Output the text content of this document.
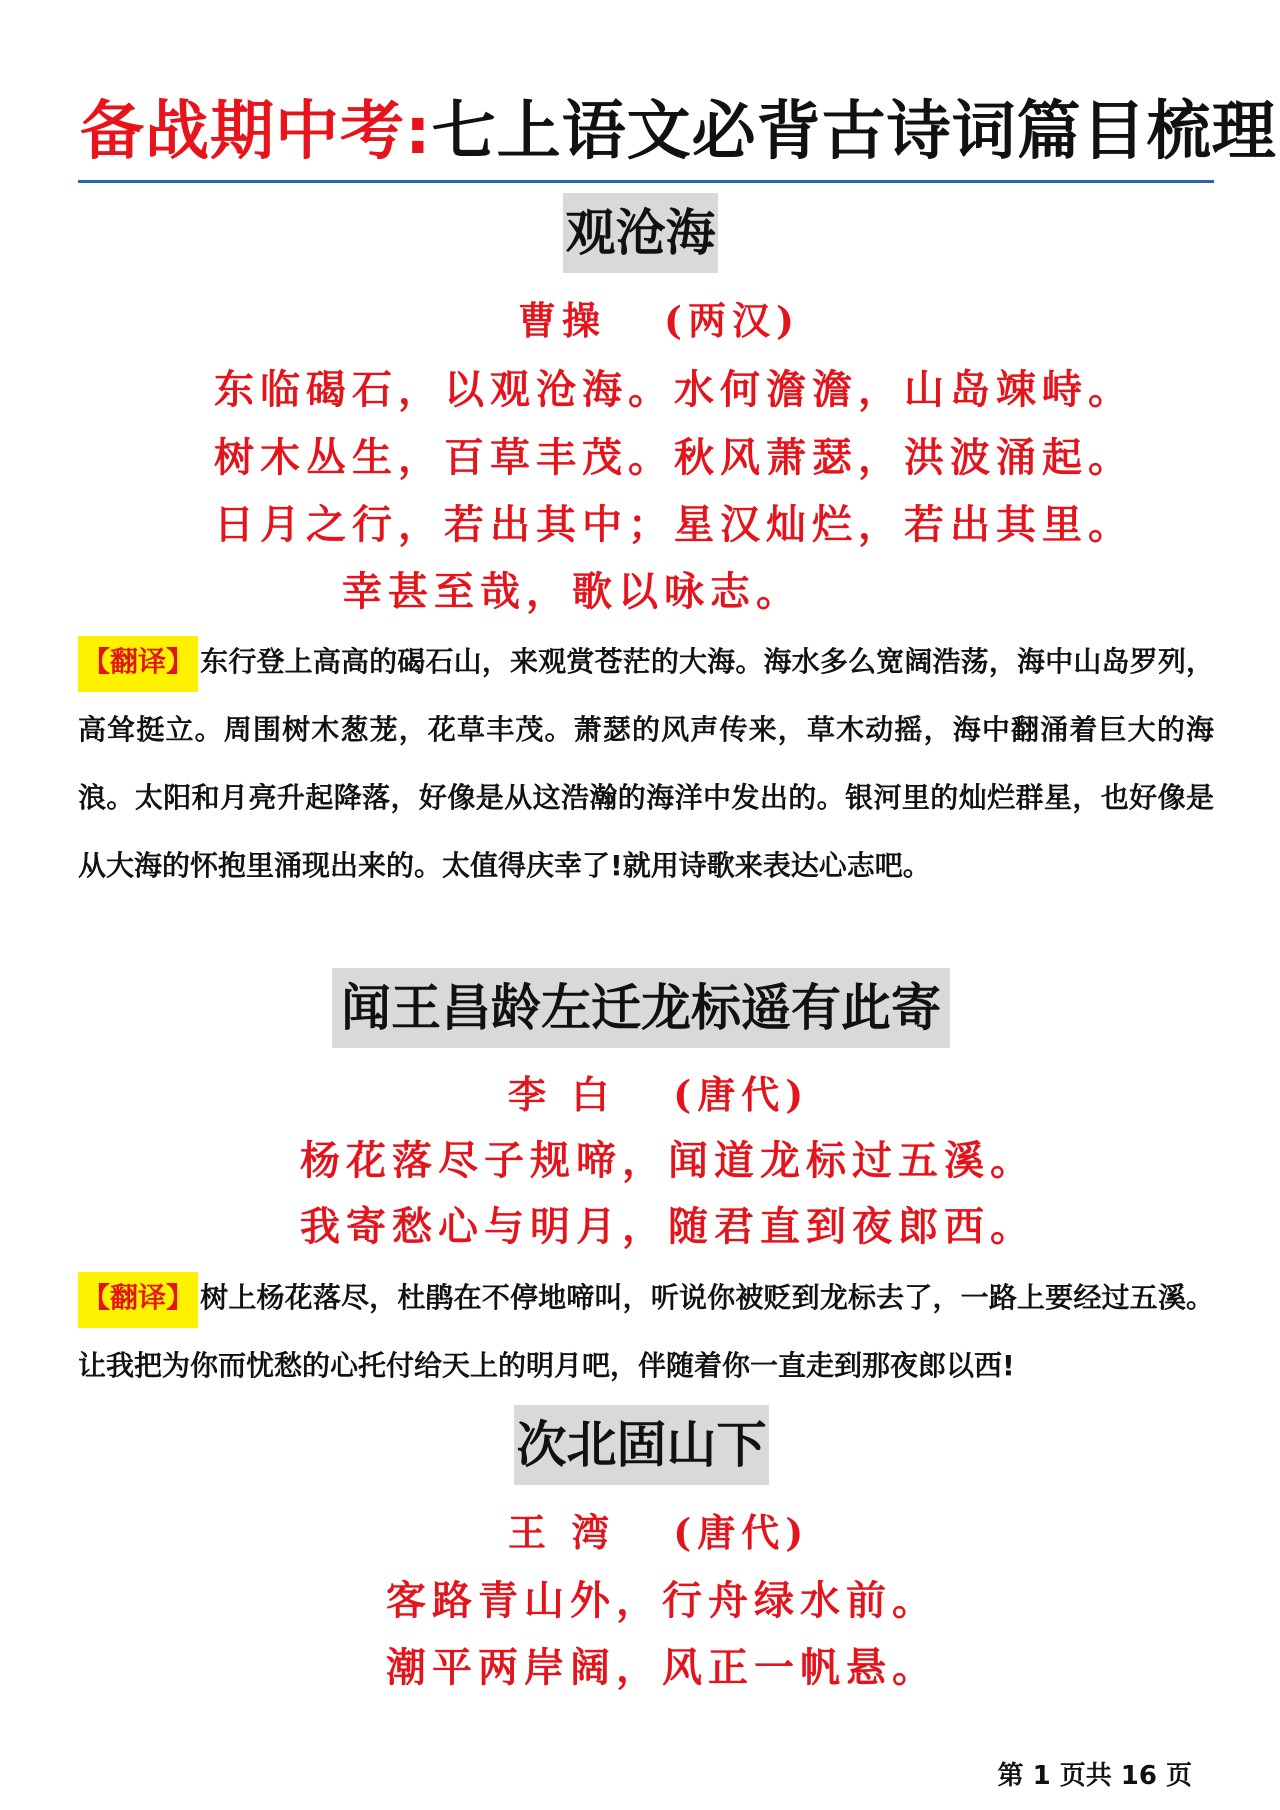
备战期中考:七上语文必背古诗词篇目梳理
观沧海
曹操 (两汉)
东临碣石，以观沧海。水何澹澹，山岛竦峙。
树木丛生，百草丰茂。秋风萧瑟，洪波涌起。
日月之行，若出其中；星汉灿烂，若出其里。
幸甚至哉，歌以咏志。
【翻译】 东行登上高高的碣石山，来观赏苍茫的大海。海水多么宽阔浩荡，海中山岛罗列，高耸挺立。周围树木葱茏，花草丰茂。萧瑟的风声传来，草木动摇，海中翻涌着巨大的海浪。太阳和月亮升起降落，好像是从这浩瀚的海洋中发出的。银河里的灿烂群星，也好像是从大海的怀抱里涌现出来的。太值得庆幸了!就用诗歌来表达心志吧。
闻王昌龄左迁龙标遥有此寄
李 白 (唐代)
杨花落尽子规啼，闻道龙标过五溪。
我寄愁心与明月，随君直到夜郎西。
【翻译】 树上杨花落尽，杜鹃在不停地啼叫，听说你被贬到龙标去了，一路上要经过五溪。让我把为你而忧愁的心托付给天上的明月吧，伴随着你一直走到那夜郎以西!
次北固山下
王 湾 (唐代)
客路青山外，行舟绿水前。
潮平两岸阔，风正一帆悬。
第 1 页共 16 页
